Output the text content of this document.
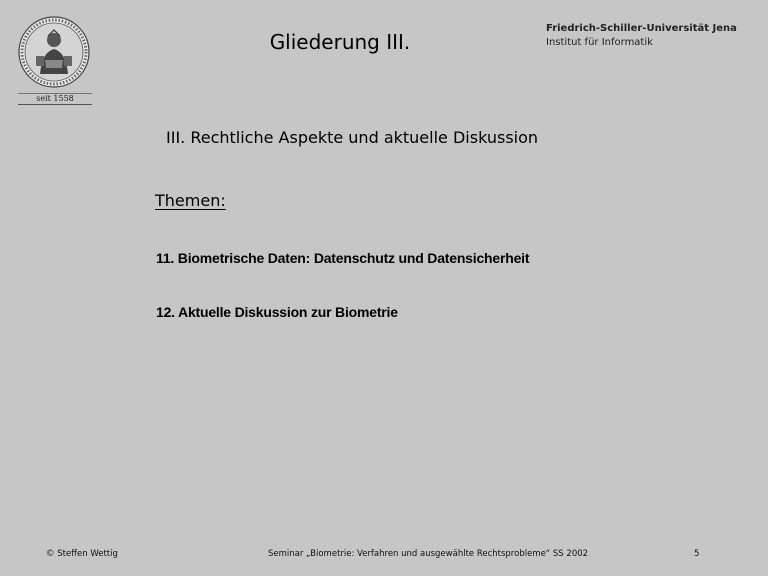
seit 1558
Gliederung III.
Friedrich-Schiller-Universität Jena
Institut für Informatik
III. Rechtliche Aspekte und aktuelle Diskussion
Themen:
11. Biometrische Daten: Datenschutz und Datensicherheit
12. Aktuelle Diskussion zur Biometrie
© Steffen Wettig	Seminar „Biometrie: Verfahren und ausgewählte Rechtsprobleme“ SS 2002	5
